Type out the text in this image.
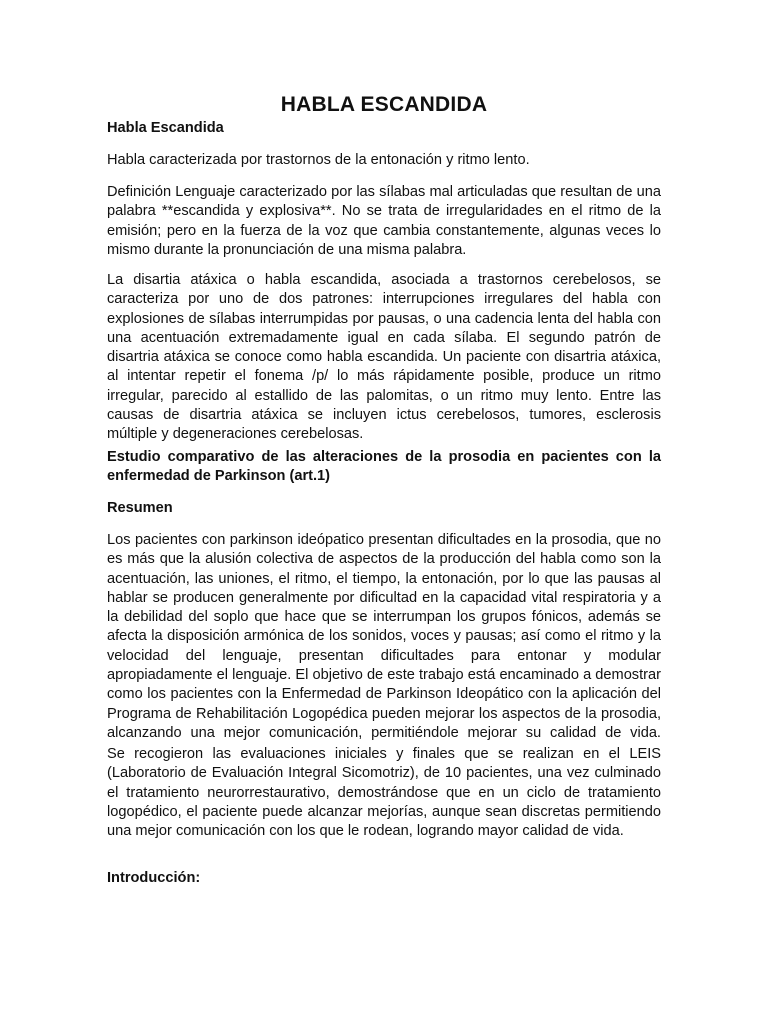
HABLA ESCANDIDA

Habla Escandida

Habla caracterizada por trastornos de la entonación y ritmo lento.

Definición Lenguaje caracterizado por las sílabas mal articuladas que resultan de una palabra **escandida y explosiva**. No se trata de irregularidades en el ritmo de la emisión; pero en la fuerza de la voz que cambia constantemente, algunas veces lo mismo durante la pronunciación de una misma palabra.

La disartia atáxica o habla escandida, asociada a trastornos cerebelosos, se caracteriza por uno de dos patrones: interrupciones irregulares del habla con explosiones de sílabas interrumpidas por pausas, o una cadencia lenta del habla con una acentuación extremadamente igual en cada sílaba. El segundo patrón de disartria atáxica se conoce como habla escandida. Un paciente con disartria atáxica, al intentar repetir el fonema /p/ lo más rápidamente posible, produce un ritmo irregular, parecido al estallido de las palomitas, o un ritmo muy lento. Entre las causas de disartria atáxica se incluyen ictus cerebelosos, tumores, esclerosis múltiple y degeneraciones cerebelosas.

Estudio comparativo de las alteraciones de la prosodia en pacientes con la enfermedad de Parkinson (art.1)

Resumen

Los pacientes con parkinson ideópatico presentan dificultades en la prosodia, que no es más que la alusión colectiva de aspectos de la producción del habla como son la acentuación, las uniones, el ritmo, el tiempo, la entonación, por lo que las pausas al hablar se producen generalmente por dificultad en la capacidad vital respiratoria y a la debilidad del soplo que hace que se interrumpan los grupos fónicos, además se afecta la disposición armónica de los sonidos, voces y pausas; así como el ritmo y la velocidad del lenguaje, presentan dificultades para entonar y modular apropiadamente el lenguaje. El objetivo de este trabajo está encaminado a demostrar como los pacientes con la Enfermedad de Parkinson Ideopático con la aplicación del Programa de Rehabilitación Logopédica pueden mejorar los aspectos de la prosodia, alcanzando una mejor comunicación, permitiéndole mejorar su calidad de vida.

Se recogieron las evaluaciones iniciales y finales que se realizan en el LEIS (Laboratorio de Evaluación Integral Sicomotriz), de 10 pacientes, una vez culminado el tratamiento neurorrestaurativo, demostrándose que en un ciclo de tratamiento logopédico, el paciente puede alcanzar mejorías, aunque sean discretas permitiendo una mejor comunicación con los que le rodean, logrando mayor calidad de vida.

Introducción:
